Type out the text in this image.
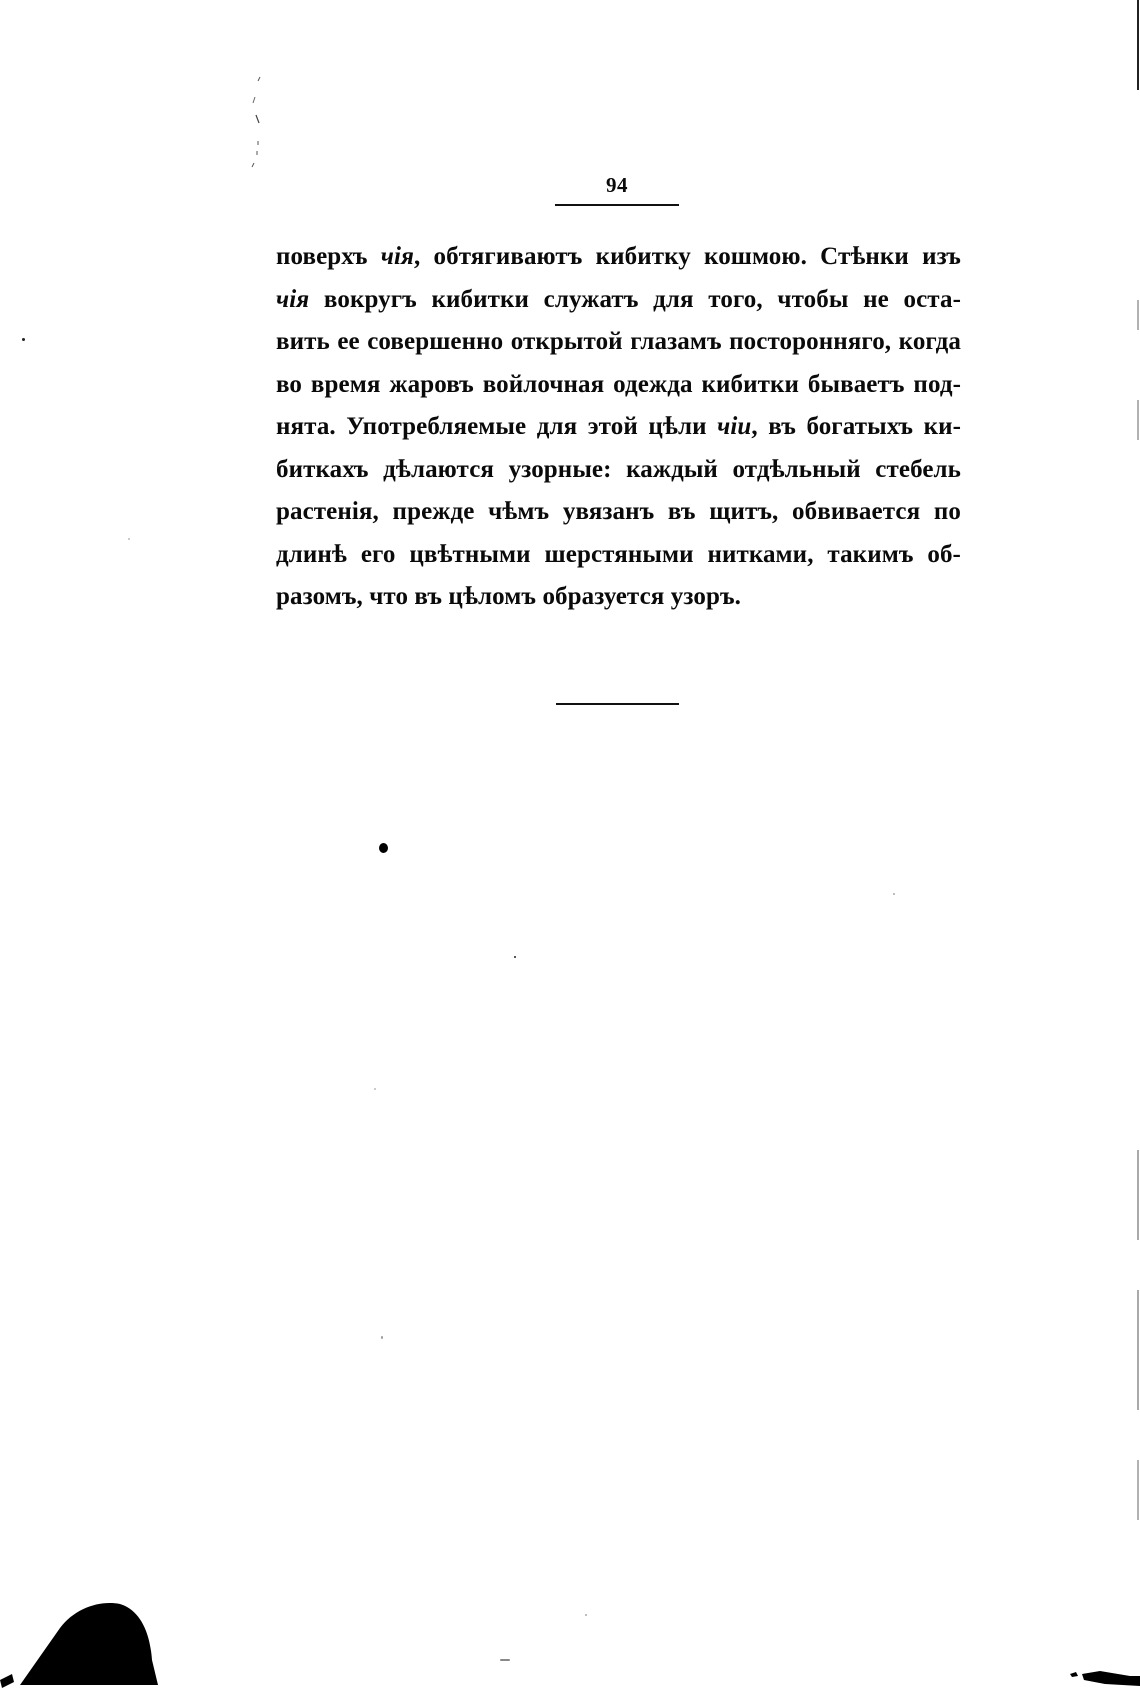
94
поверхъ чія, обтягиваютъ кибитку кошмою. Стѣнки изъ
чія вокругъ кибитки служатъ для того, чтобы не оста-
вить ее совершенно открытой глазамъ посторонняго, когда
во время жаровъ войлочная одежда кибитки бываетъ под-
нята. Употребляемые для этой цѣли чіи, въ богатыхъ ки-
биткахъ дѣлаются узорные: каждый отдѣльный стебель
растенія, прежде чѣмъ увязанъ въ щитъ, обвивается по
длинѣ его цвѣтными шерстяными нитками, такимъ об-
разомъ, что въ цѣломъ образуется узоръ.
